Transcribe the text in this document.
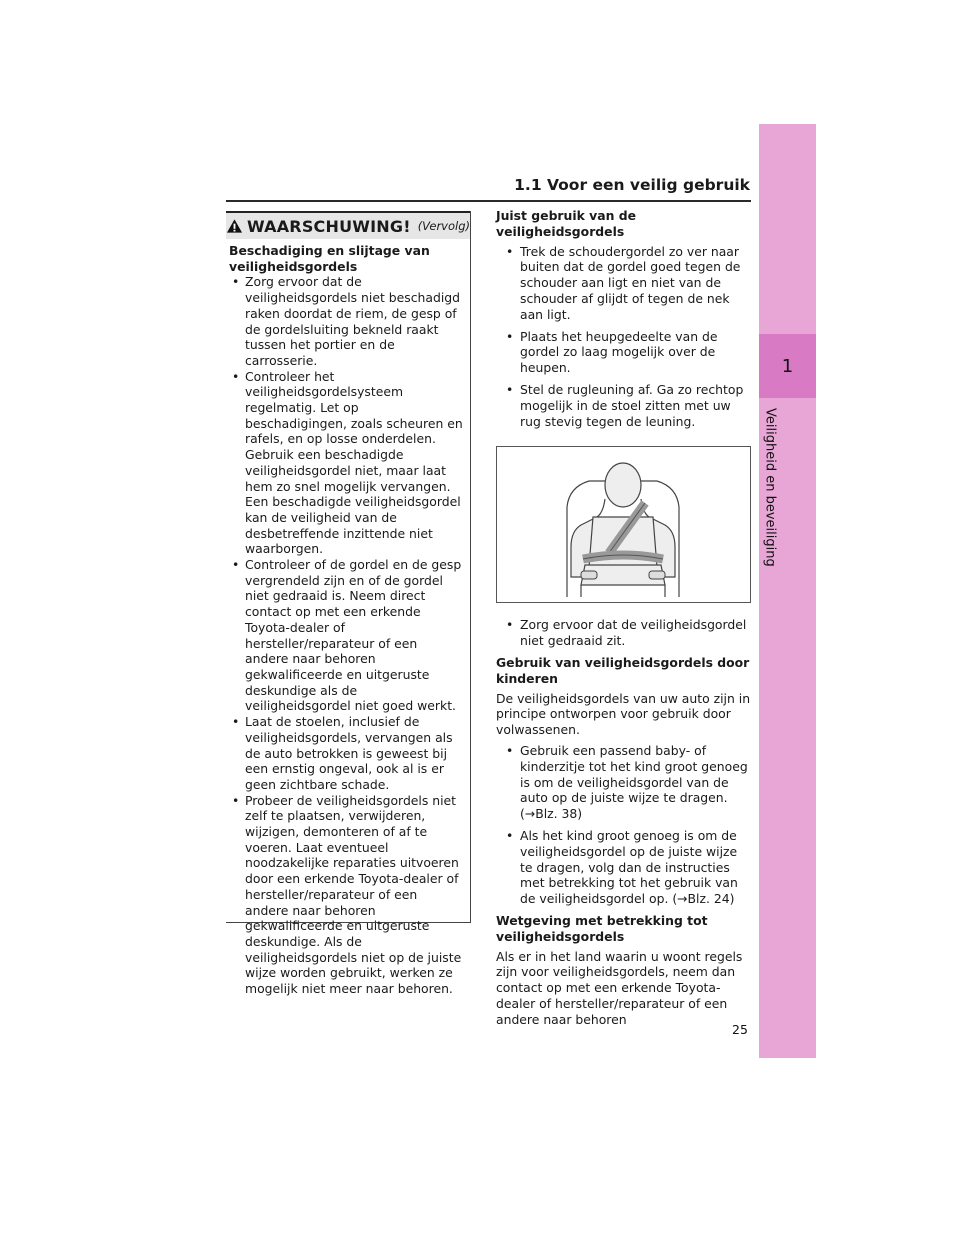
1
Veiligheid en beveiliging
1.1 Voor een veilig gebruik
WAARSCHUWING! (Vervolg)
Beschadiging en slijtage van veiligheidsgordels
• Zorg ervoor dat de veiligheidsgordels niet beschadigd raken doordat de riem, de gesp of de gordelsluiting bekneld raakt tussen het portier en de carrosserie.
• Controleer het veiligheidsgordelsysteem regelmatig. Let op beschadigingen, zoals scheuren en rafels, en op losse onderdelen. Gebruik een beschadigde veiligheidsgordel niet, maar laat hem zo snel mogelijk vervangen. Een beschadigde veiligheidsgordel kan de veiligheid van de desbetreffende inzittende niet waarborgen.
• Controleer of de gordel en de gesp vergrendeld zijn en of de gordel niet gedraaid is. Neem direct contact op met een erkende Toyota-dealer of hersteller/reparateur of een andere naar behoren gekwalificeerde en uitgeruste deskundige als de veiligheidsgordel niet goed werkt.
• Laat de stoelen, inclusief de veiligheidsgordels, vervangen als de auto betrokken is geweest bij een ernstig ongeval, ook al is er geen zichtbare schade.
• Probeer de veiligheidsgordels niet zelf te plaatsen, verwijderen, wijzigen, demonteren of af te voeren. Laat eventueel noodzakelijke reparaties uitvoeren door een erkende Toyota-dealer of hersteller/reparateur of een andere naar behoren gekwalificeerde en uitgeruste deskundige. Als de veiligheidsgordels niet op de juiste wijze worden gebruikt, werken ze mogelijk niet meer naar behoren.
Juist gebruik van de veiligheidsgordels
• Trek de schoudergordel zo ver naar buiten dat de gordel goed tegen de schouder aan ligt en niet van de schouder af glijdt of tegen de nek aan ligt.
• Plaats het heupgedeelte van de gordel zo laag mogelijk over de heupen.
• Stel de rugleuning af. Ga zo rechtop mogelijk in de stoel zitten met uw rug stevig tegen de leuning.
• Zorg ervoor dat de veiligheidsgordel niet gedraaid zit.
Gebruik van veiligheidsgordels door kinderen

De veiligheidsgordels van uw auto zijn in principe ontworpen voor gebruik door volwassenen.

• Gebruik een passend baby- of kinderzitje tot het kind groot genoeg is om de veiligheidsgordel van de auto op de juiste wijze te dragen. (→Blz. 38)
• Als het kind groot genoeg is om de veiligheidsgordel op de juiste wijze te dragen, volg dan de instructies met betrekking tot het gebruik van de veiligheidsgordel op. (→Blz. 24)
Wetgeving met betrekking tot veiligheidsgordels

Als er in het land waarin u woont regels zijn voor veiligheidsgordels, neem dan contact op met een erkende Toyota-dealer of hersteller/reparateur of een andere naar behoren

25
